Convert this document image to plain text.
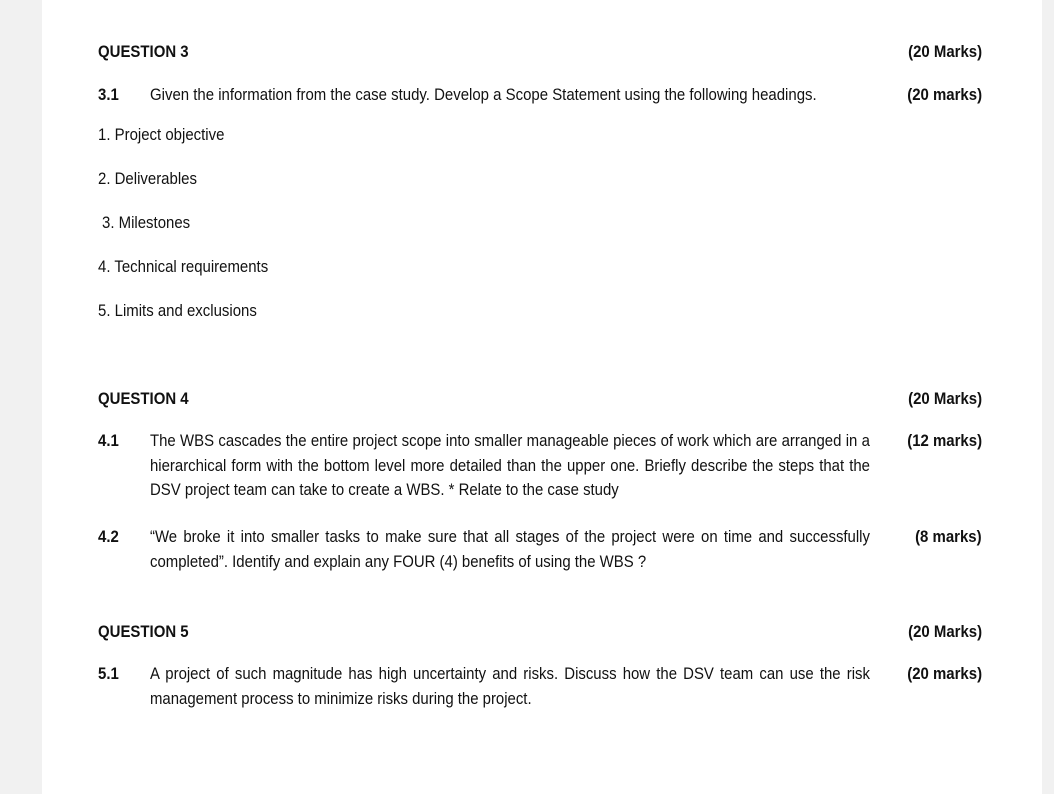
QUESTION 3	(20 Marks)
3.1 Given the information from the case study. Develop a Scope Statement using the following headings.	(20 marks)
1. Project objective
2. Deliverables
3. Milestones
4. Technical requirements
5. Limits and exclusions
QUESTION 4	(20 Marks)
4.1 The WBS cascades the entire project scope into smaller manageable pieces of work which are arranged in a hierarchical form with the bottom level more detailed than the upper one. Briefly describe the steps that the DSV project team can take to create a WBS. * Relate to the case study
(12 marks)
4.2 “We broke it into smaller tasks to make sure that all stages of the project were on time and successfully completed”. Identify and explain any FOUR (4) benefits of using the WBS ?
(8 marks)
QUESTION 5	(20 Marks)
5.1 A project of such magnitude has high uncertainty and risks. Discuss how the DSV team can use the risk management process to minimize risks during the project.
(20 marks)
